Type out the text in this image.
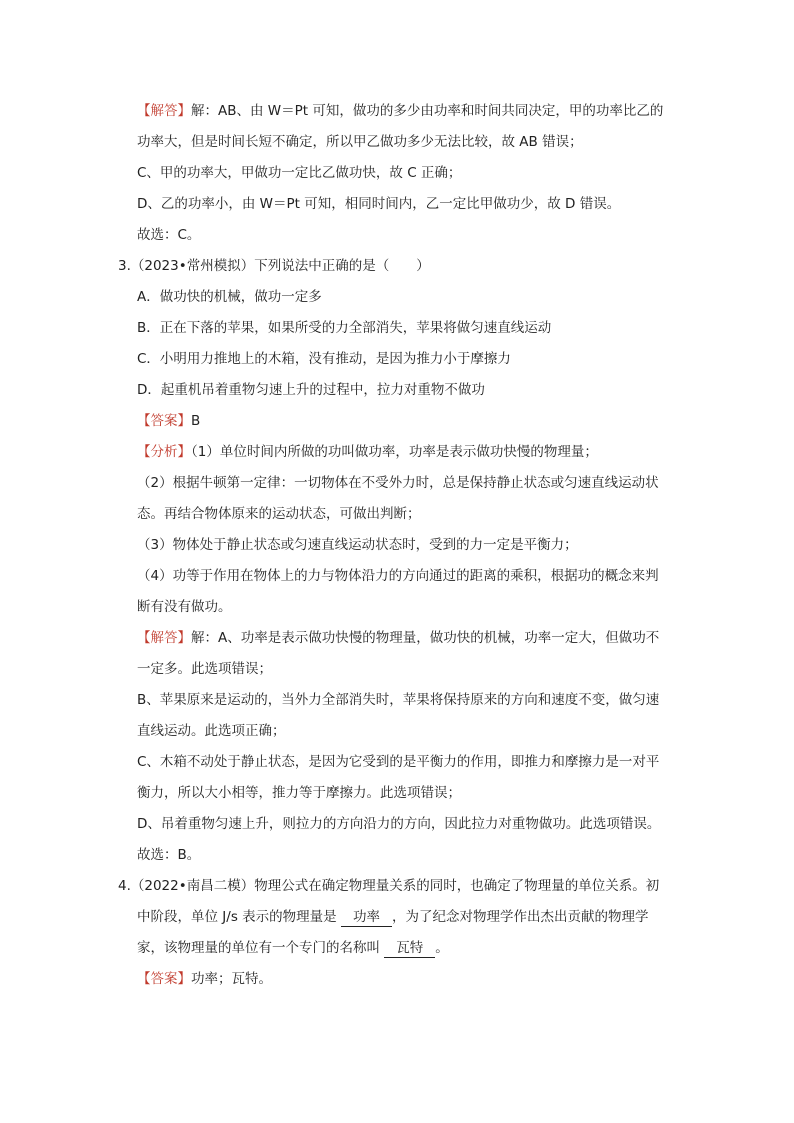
【解答】解：AB、由 W＝Pt 可知，做功的多少由功率和时间共同决定，甲的功率比乙的
功率大，但是时间长短不确定，所以甲乙做功多少无法比较，故 AB 错误；
C、甲的功率大，甲做功一定比乙做功快，故 C 正确；
D、乙的功率小，由 W＝Pt 可知，相同时间内，乙一定比甲做功少，故 D 错误。
故选：C。
3.（2023•常州模拟）下列说法中正确的是（　　）
A．做功快的机械，做功一定多
B．正在下落的苹果，如果所受的力全部消失，苹果将做匀速直线运动
C．小明用力推地上的木箱，没有推动，是因为推力小于摩擦力
D．起重机吊着重物匀速上升的过程中，拉力对重物不做功
【答案】B
【分析】（1）单位时间内所做的功叫做功率，功率是表示做功快慢的物理量；
（2）根据牛顿第一定律：一切物体在不受外力时，总是保持静止状态或匀速直线运动状
态。再结合物体原来的运动状态，可做出判断；
（3）物体处于静止状态或匀速直线运动状态时，受到的力一定是平衡力；
（4）功等于作用在物体上的力与物体沿力的方向通过的距离的乘积，根据功的概念来判
断有没有做功。
【解答】解：A、功率是表示做功快慢的物理量，做功快的机械，功率一定大，但做功不
一定多。此选项错误；
B、苹果原来是运动的，当外力全部消失时，苹果将保持原来的方向和速度不变，做匀速
直线运动。此选项正确；
C、木箱不动处于静止状态，是因为它受到的是平衡力的作用，即推力和摩擦力是一对平
衡力，所以大小相等，推力等于摩擦力。此选项错误；
D、吊着重物匀速上升，则拉力的方向沿力的方向，因此拉力对重物做功。此选项错误。
故选：B。
4.（2022•南昌二模）物理公式在确定物理量关系的同时，也确定了物理量的单位关系。初
中阶段，单位 J/s 表示的物理量是 功率 ，为了纪念对物理学作出杰出贡献的物理学
家，该物理量的单位有一个专门的名称叫 瓦特 。
【答案】功率；瓦特。
